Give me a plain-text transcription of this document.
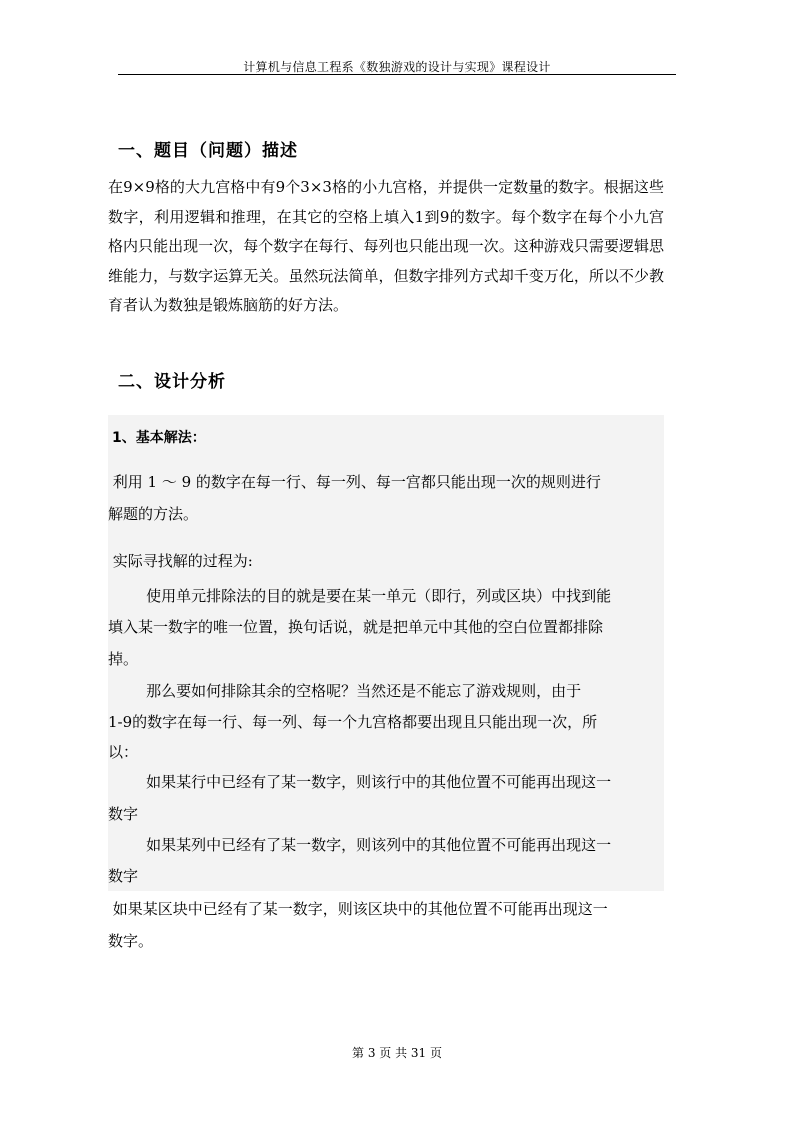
计算机与信息工程系《数独游戏的设计与实现》课程设计
一、题目（问题）描述
在9×9格的大九宫格中有9个3×3格的小九宫格，并提供一定数量的数字。根据这些数字，利用逻辑和推理，在其它的空格上填入1到9的数字。每个数字在每个小九宫格内只能出现一次，每个数字在每行、每列也只能出现一次。这种游戏只需要逻辑思维能力，与数字运算无关。虽然玩法简单，但数字排列方式却千变万化，所以不少教育者认为数独是锻炼脑筋的好方法。
二、设计分析
1、基本解法：
利用 1 ～ 9 的数字在每一行、每一列、每一宫都只能出现一次的规则进行
解题的方法。
实际寻找解的过程为:
使用单元排除法的目的就是要在某一单元（即行，列或区块）中找到能
填入某一数字的唯一位置，换句话说，就是把单元中其他的空白位置都排除
掉。
那么要如何排除其余的空格呢？当然还是不能忘了游戏规则，由于
1-9的数字在每一行、每一列、每一个九宫格都要出现且只能出现一次，所
以：
如果某行中已经有了某一数字，则该行中的其他位置不可能再出现这一
数字
如果某列中已经有了某一数字，则该列中的其他位置不可能再出现这一
数字
如果某区块中已经有了某一数字，则该区块中的其他位置不可能再出现这一
数字。
第 3 页 共 31 页
